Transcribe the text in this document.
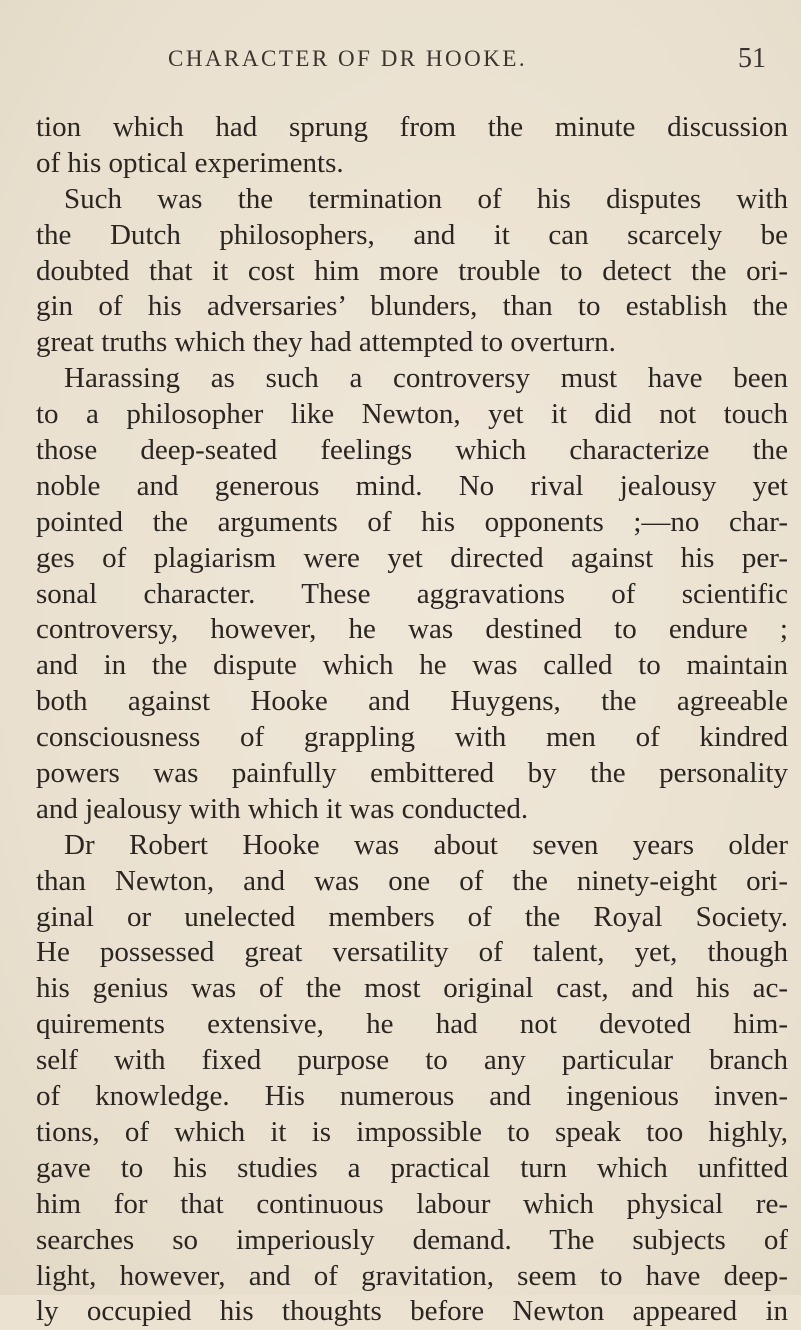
CHARACTER OF DR HOOKE.	51
tion which had sprung from the minute discussion
of his optical experiments.
Such was the termination of his disputes with
the Dutch philosophers, and it can scarcely be
doubted that it cost him more trouble to detect the ori-
gin of his adversaries’ blunders, than to establish the
great truths which they had attempted to overturn.
Harassing as such a controversy must have been
to a philosopher like Newton, yet it did not touch
those deep-seated feelings which characterize the
noble and generous mind. No rival jealousy yet
pointed the arguments of his opponents ;—no char-
ges of plagiarism were yet directed against his per-
sonal character. These aggravations of scientific
controversy, however, he was destined to endure ;
and in the dispute which he was called to maintain
both against Hooke and Huygens, the agreeable
consciousness of grappling with men of kindred
powers was painfully embittered by the personality
and jealousy with which it was conducted.
Dr Robert Hooke was about seven years older
than Newton, and was one of the ninety-eight ori-
ginal or unelected members of the Royal Society.
He possessed great versatility of talent, yet, though
his genius was of the most original cast, and his ac-
quirements extensive, he had not devoted him-
self with fixed purpose to any particular branch
of knowledge. His numerous and ingenious inven-
tions, of which it is impossible to speak too highly,
gave to his studies a practical turn which unfitted
him for that continuous labour which physical re-
searches so imperiously demand. The subjects of
light, however, and of gravitation, seem to have deep-
ly occupied his thoughts before Newton appeared in
